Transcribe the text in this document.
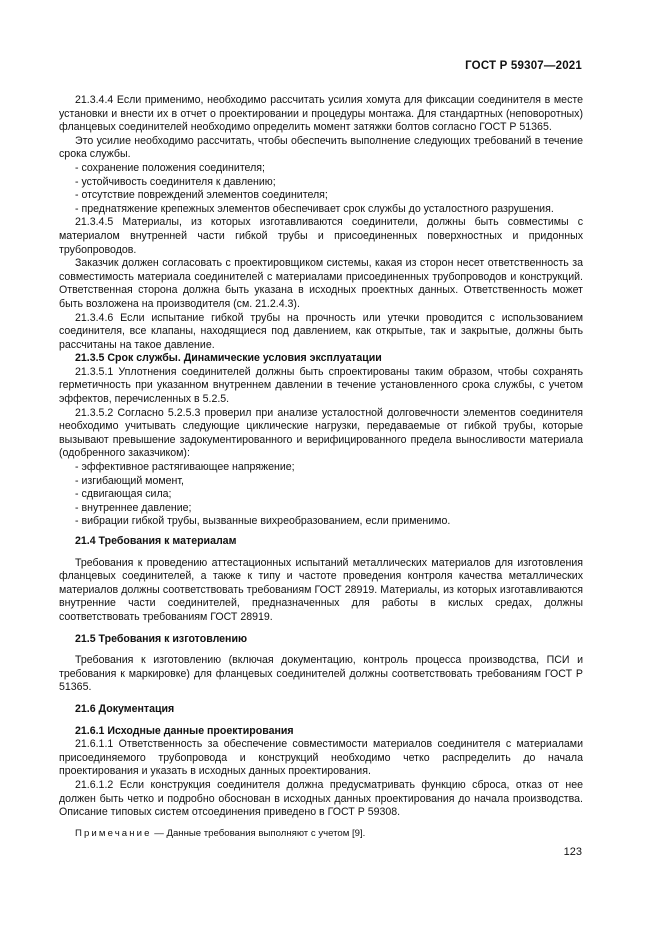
ГОСТ Р 59307—2021

21.3.4.4 Если применимо, необходимо рассчитать усилия хомута для фиксации соединителя в месте установки и внести их в отчет о проектировании и процедуры монтажа. Для стандартных (неповоротных) фланцевых соединителей необходимо определить момент затяжки болтов согласно ГОСТ Р 51365.

Это усилие необходимо рассчитать, чтобы обеспечить выполнение следующих требований в течение срока службы.

- сохранение положения соединителя;

- устойчивость соединителя к давлению;

- отсутствие повреждений элементов соединителя;

- преднатяжение крепежных элементов обеспечивает срок службы до усталостного разрушения.

21.3.4.5 Материалы, из которых изготавливаются соединители, должны быть совместимы с материалом внутренней части гибкой трубы и присоединенных поверхностных и придонных трубопроводов.

Заказчик должен согласовать с проектировщиком системы, какая из сторон несет ответственность за совместимость материала соединителей с материалами присоединенных трубопроводов и конструкций. Ответственная сторона должна быть указана в исходных проектных данных. Ответственность может быть возложена на производителя (см. 21.2.4.3).

21.3.4.6 Если испытание гибкой трубы на прочность или утечки проводится с использованием соединителя, все клапаны, находящиеся под давлением, как открытые, так и закрытые, должны быть рассчитаны на такое давление.

21.3.5 Срок службы. Динамические условия эксплуатации

21.3.5.1 Уплотнения соединителей должны быть спроектированы таким образом, чтобы сохранять герметичность при указанном внутреннем давлении в течение установленного срока службы, с учетом эффектов, перечисленных в 5.2.5.

21.3.5.2 Согласно 5.2.5.3 проверил при анализе усталостной долговечности элементов соединителя необходимо учитывать следующие циклические нагрузки, передаваемые от гибкой трубы, которые вызывают превышение задокументированного и верифицированного предела выносливости материала (одобренного заказчиком):

- эффективное растягивающее напряжение;

- изгибающий момент,

- сдвигающая сила;

- внутреннее давление;

- вибрации гибкой трубы, вызванные вихреобразованием, если применимо.

21.4 Требования к материалам

Требования к проведению аттестационных испытаний металлических материалов для изготовления фланцевых соединителей, а также к типу и частоте проведения контроля качества металлических материалов должны соответствовать требованиям ГОСТ 28919. Материалы, из которых изготавливаются внутренние части соединителей, предназначенных для работы в кислых средах, должны соответствовать требованиям ГОСТ 28919.

21.5 Требования к изготовлению

Требования к изготовлению (включая документацию, контроль процесса производства, ПСИ и требования к маркировке) для фланцевых соединителей должны соответствовать требованиям ГОСТ Р 51365.

21.6 Документация

21.6.1 Исходные данные проектирования

21.6.1.1 Ответственность за обеспечение совместимости материалов соединителя с материалами присоединяемого трубопровода и конструкций необходимо четко распределить до начала проектирования и указать в исходных данных проектирования.

21.6.1.2 Если конструкция соединителя должна предусматривать функцию сброса, отказ от нее должен быть четко и подробно обоснован в исходных данных проектирования до начала производства. Описание типовых систем отсоединения приведено в ГОСТ Р 59308.

Примечание — Данные требования выполняют с учетом [9].

123
